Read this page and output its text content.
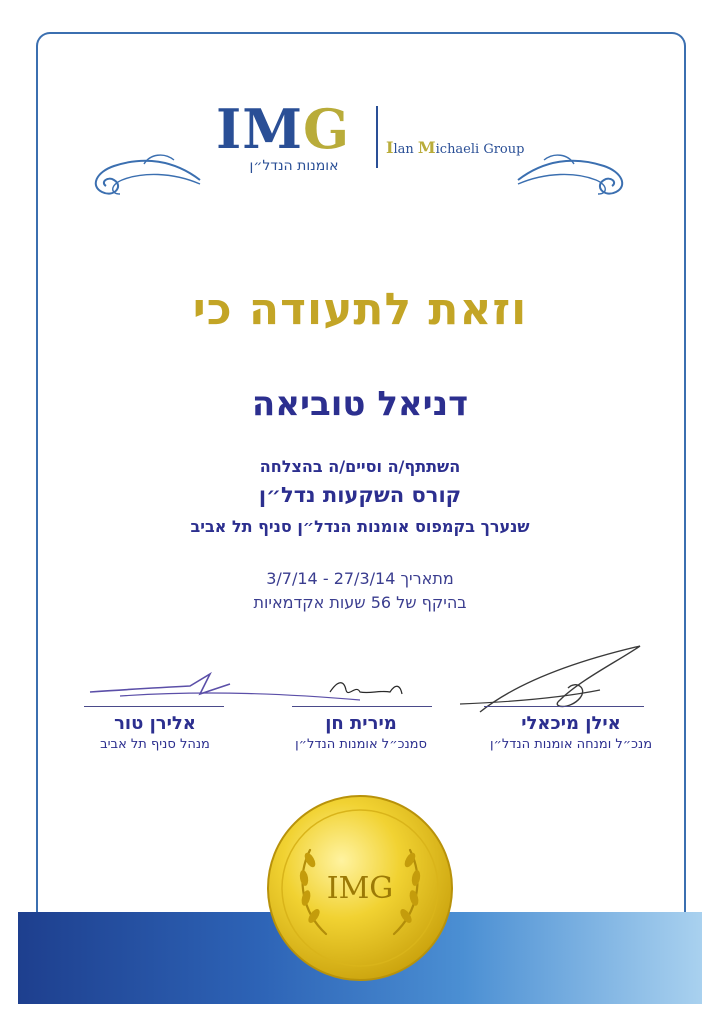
IMG
אומנות הנדל״ן
Ilan Michaeli Group
וזאת לתעודה כי
דניאל טוביאה
השתתף/ה וסיים/ה בהצלחה
קורס השקעות נדל״ן
שנערך בקמפוס אומנות הנדל״ן סניף תל אביב
מתאריך 27/3/14 - 3/7/14
בהיקף של 56 שעות אקדמאיות
אלירן טור
מנהל סניף תל אביב
מירית חן
סמנכ״ל אומנות הנדל״ן
אילן מיכאלי
מנכ״ל ומנחה אומנות הנדל״ן
IMG
